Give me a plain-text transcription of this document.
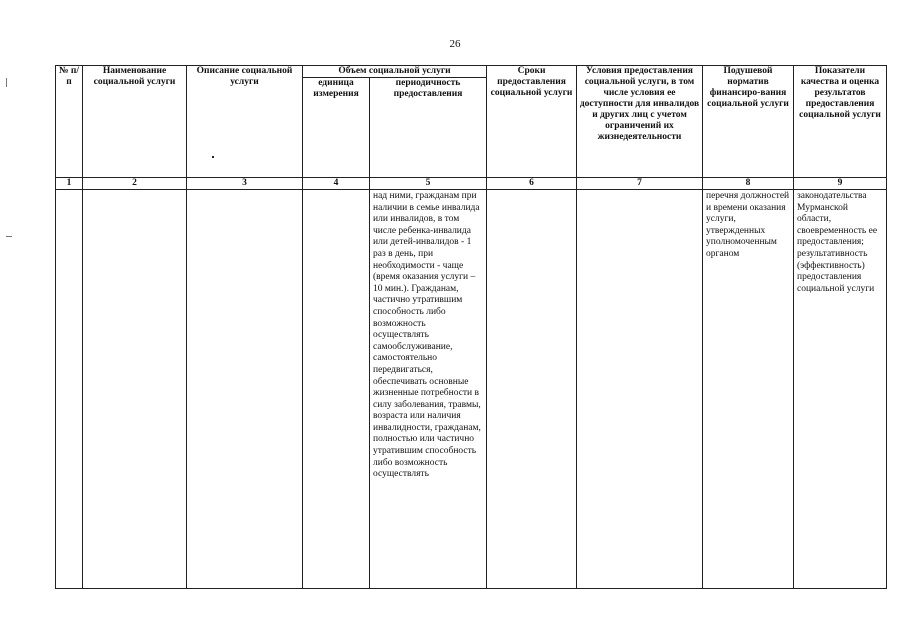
26
№ п/п	Наименование социальной услуги	Описание социальной услуги	Объем социальной услуги		Сроки предоставления социальной услуги	Условия предоставления социальной услуги, в том числе условия ее доступности для инвалидов и других лиц с учетом ограничений их жизнедеятельности	Подушевой норматив финансиро-вания социальной услуги	Показатели качества и оценка результатов предоставления социальной услуги
			единица измерения	периодичность предоставления				
1	2	3	4	5	6	7	8	9
				над ними, гражданам при наличии в семье инвалида или инвалидов, в том числе ребенка-инвалида или детей-инвалидов - 1 раз в день, при необходимости - чаще (время оказания услуги – 10 мин.). Гражданам, частично утратившим способность либо возможность осуществлять самообслуживание, самостоятельно передвигаться, обеспечивать основные жизненные потребности в силу заболевания, травмы, возраста или наличия инвалидности, гражданам, полностью или частично утратившим способность либо возможность осуществлять			перечня должностей и времени оказания услуги, утвержденных уполномоченным органом	законодательства Мурманской области, своевременность ее предоставления; результативность (эффективность) предоставления социальной услуги
